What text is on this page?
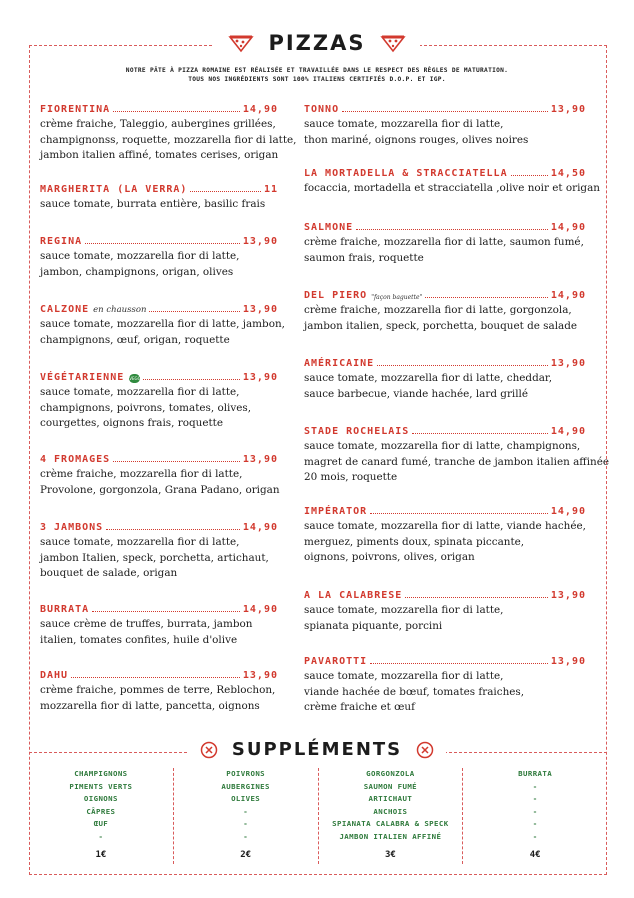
PIZZAS
NOTRE PÂTE À PIZZA ROMAINE EST RÉALISÉE ET TRAVAILLÉE DANS LE RESPECT DES RÈGLES DE MATURATION.
TOUS NOS INGRÉDIENTS SONT 100% ITALIENS CERTIFIÉS D.O.P. ET IGP.
FIORENTINA	14,90
crème fraiche, Taleggio, aubergines grillées,
champignonss, roquette, mozzarella fior di latte,
jambon italien affiné, tomates cerises, origan
MARGHERITA (LA VERRA)	11
sauce tomate, burrata entière, basilic frais
REGINA	13,90
sauce tomate, mozzarella fior di latte,
jambon, champignons, origan, olives
CALZONE en chausson	13,90
sauce tomate, mozzarella fior di latte, jambon,
champignons, œuf, origan, roquette
VÉGÉTARIENNE VEGGIE	13,90
sauce tomate, mozzarella fior di latte,
champignons, poivrons, tomates, olives,
courgettes, oignons frais, roquette
4 FROMAGES	13,90
crème fraiche, mozzarella fior di latte,
Provolone, gorgonzola, Grana Padano, origan
3 JAMBONS	14,90
sauce tomate, mozzarella fior di latte,
jambon Italien, speck, porchetta, artichaut,
bouquet de salade, origan
BURRATA	14,90
sauce crème de truffes, burrata, jambon
italien, tomates confites, huile d'olive
DAHU	13,90
crème fraiche, pommes de terre, Reblochon,
mozzarella fior di latte, pancetta, oignons
TONNO	13,90
sauce tomate, mozzarella fior di latte,
thon mariné, oignons rouges, olives noires
LA MORTADELLA & STRACCIATELLA	14,50
focaccia, mortadella et stracciatella ,olive noir et origan
SALMONE	14,90
crème fraiche, mozzarella fior di latte, saumon fumé,
saumon frais, roquette
DEL PIERO "façon baguette"	14,90
crème fraiche, mozzarella fior di latte, gorgonzola,
jambon italien, speck, porchetta, bouquet de salade
AMÉRICAINE	13,90
sauce tomate, mozzarella fior di latte, cheddar,
sauce barbecue, viande hachée, lard grillé
STADE ROCHELAIS	14,90
sauce tomate, mozzarella fior di latte, champignons,
magret de canard fumé, tranche de jambon italien affinée
20 mois, roquette
IMPÉRATOR	14,90
sauce tomate, mozzarella fior di latte, viande hachée,
merguez, piments doux, spinata piccante,
oignons, poivrons, olives, origan
A LA CALABRESE	13,90
sauce tomate, mozzarella fior di latte,
spianata piquante, porcini
PAVAROTTI	13,90
sauce tomate, mozzarella fior di latte,
viande hachée de bœuf, tomates fraiches,
crème fraiche et œuf
SUPPLÉMENTS
CHAMPIGNONS
PIMENTS VERTS
OIGNONS
CÂPRES
ŒUF
-
1€
POIVRONS
AUBERGINES
OLIVES
-
-
-
2€
GORGONZOLA
SAUMON FUMÉ
ARTICHAUT
ANCHOIS
SPIANATA CALABRA & SPECK
JAMBON ITALIEN AFFINÉ
3€
BURRATA
-
-
-
-
-
4€
